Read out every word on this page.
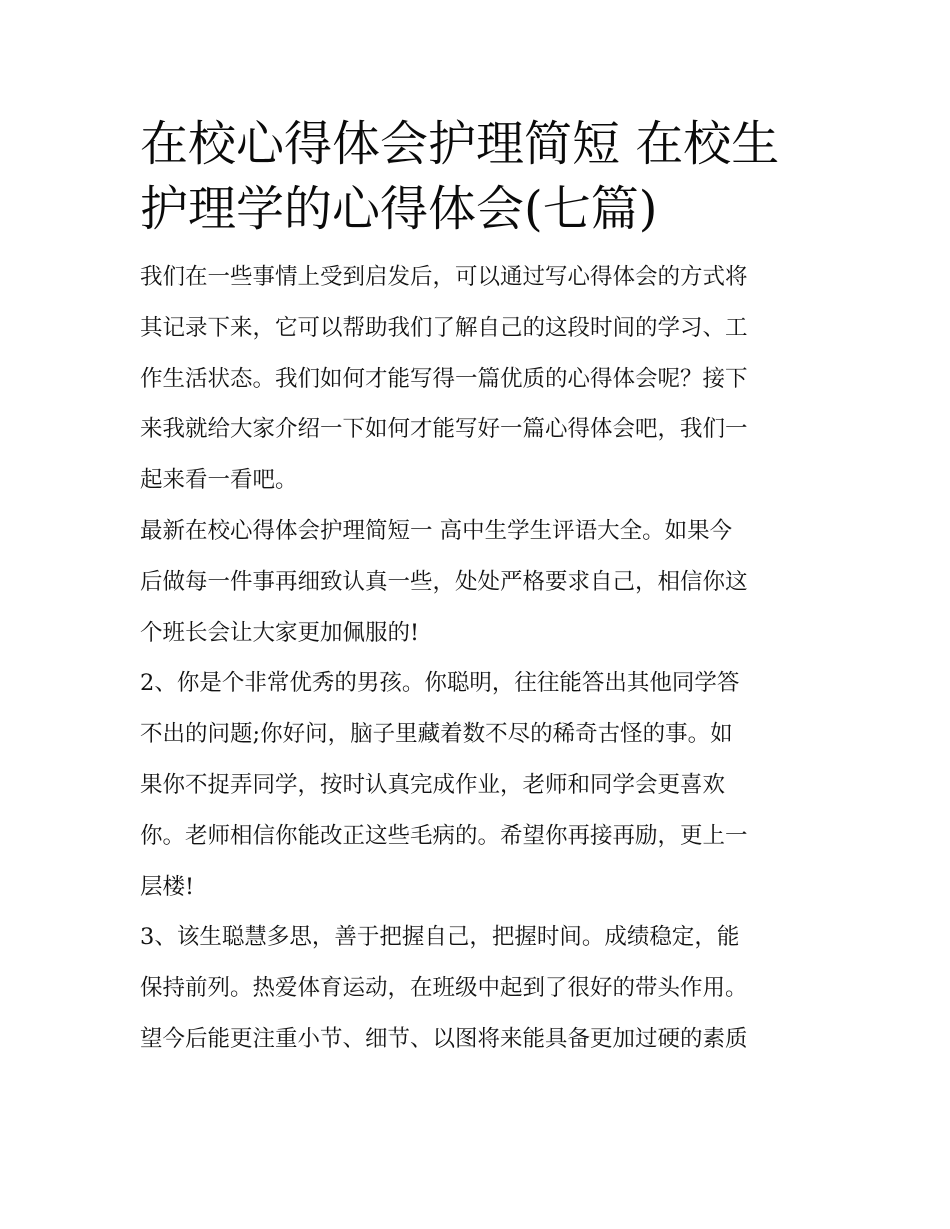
在校心得体会护理简短 在校生
护理学的心得体会(七篇)

我们在一些事情上受到启发后，可以通过写心得体会的方式将
其记录下来，它可以帮助我们了解自己的这段时间的学习、工
作生活状态。我们如何才能写得一篇优质的心得体会呢？接下
来我就给大家介绍一下如何才能写好一篇心得体会吧，我们一
起来看一看吧。

最新在校心得体会护理简短一 高中生学生评语大全。如果今
后做每一件事再细致认真一些，处处严格要求自己，相信你这
个班长会让大家更加佩服的!

2、你是个非常优秀的男孩。你聪明，往往能答出其他同学答
不出的问题;你好问，脑子里藏着数不尽的稀奇古怪的事。如
果你不捉弄同学，按时认真完成作业，老师和同学会更喜欢
你。老师相信你能改正这些毛病的。希望你再接再励，更上一
层楼!

3、该生聪慧多思，善于把握自己，把握时间。成绩稳定，能
保持前列。热爱体育运动，在班级中起到了很好的带头作用。
望今后能更注重小节、细节、以图将来能具备更加过硬的素质
